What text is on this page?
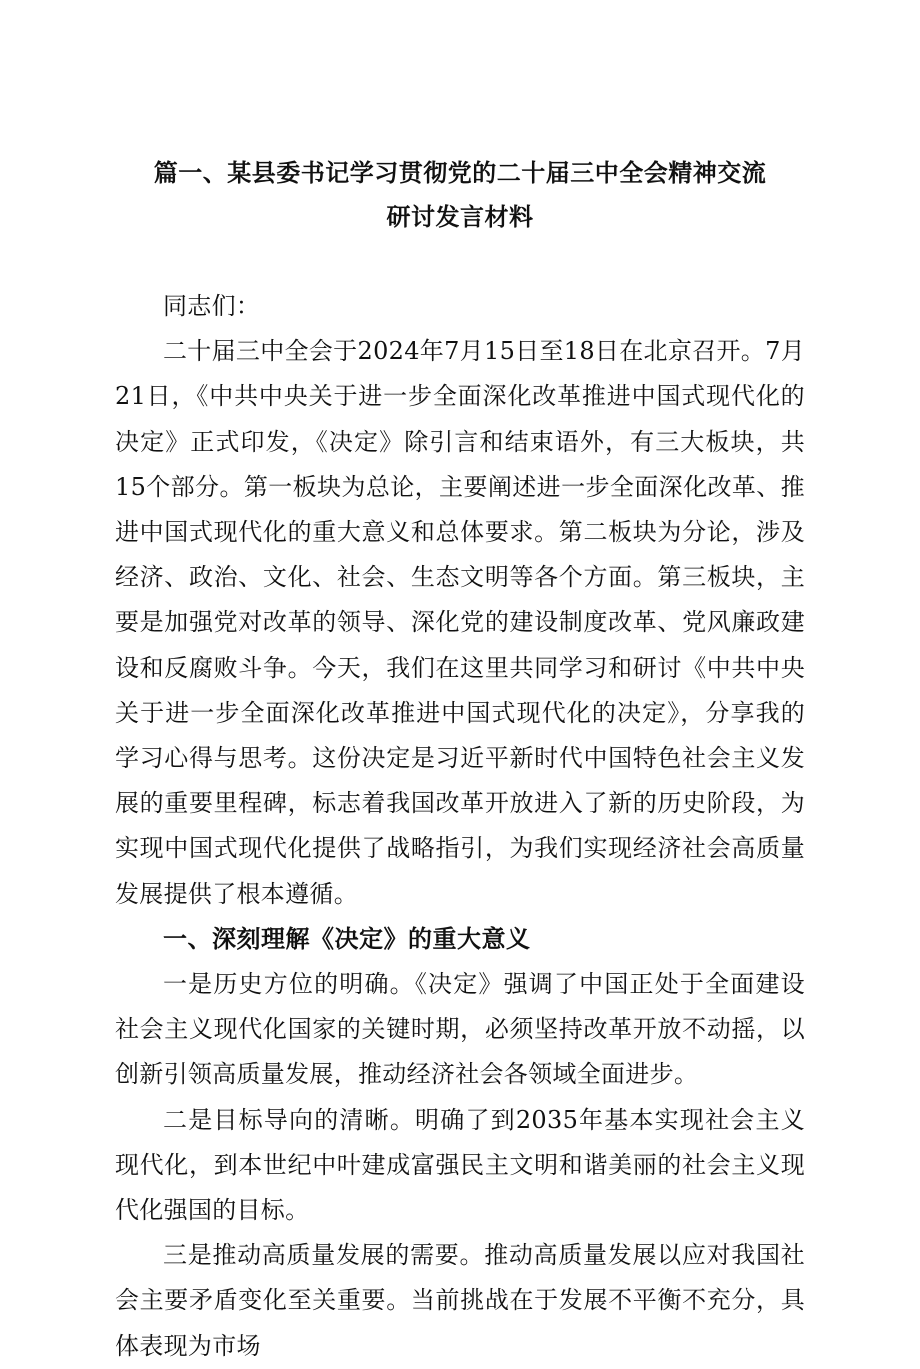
篇一、某县委书记学习贯彻党的二十届三中全会精神交流
研讨发言材料

同志们：

二十届三中全会于2024年7月15日至18日在北京召开。7月21日，《中共中央关于进一步全面深化改革推进中国式现代化的决定》正式印发，《决定》除引言和结束语外，有三大板块，共15个部分。第一板块为总论，主要阐述进一步全面深化改革、推进中国式现代化的重大意义和总体要求。第二板块为分论，涉及经济、政治、文化、社会、生态文明等各个方面。第三板块，主要是加强党对改革的领导、深化党的建设制度改革、党风廉政建设和反腐败斗争。今天，我们在这里共同学习和研讨《中共中央关于进一步全面深化改革推进中国式现代化的决定》，分享我的学习心得与思考。这份决定是习近平新时代中国特色社会主义发展的重要里程碑，标志着我国改革开放进入了新的历史阶段，为实现中国式现代化提供了战略指引，为我们实现经济社会高质量发展提供了根本遵循。

一、深刻理解《决定》的重大意义

一是历史方位的明确。《决定》强调了中国正处于全面建设社会主义现代化国家的关键时期，必须坚持改革开放不动摇，以创新引领高质量发展，推动经济社会各领域全面进步。

二是目标导向的清晰。明确了到2035年基本实现社会主义现代化，到本世纪中叶建成富强民主文明和谐美丽的社会主义现代化强国的目标。

三是推动高质量发展的需要。推动高质量发展以应对我国社会主要矛盾变化至关重要。当前挑战在于发展不平衡不充分，具体表现为市场
